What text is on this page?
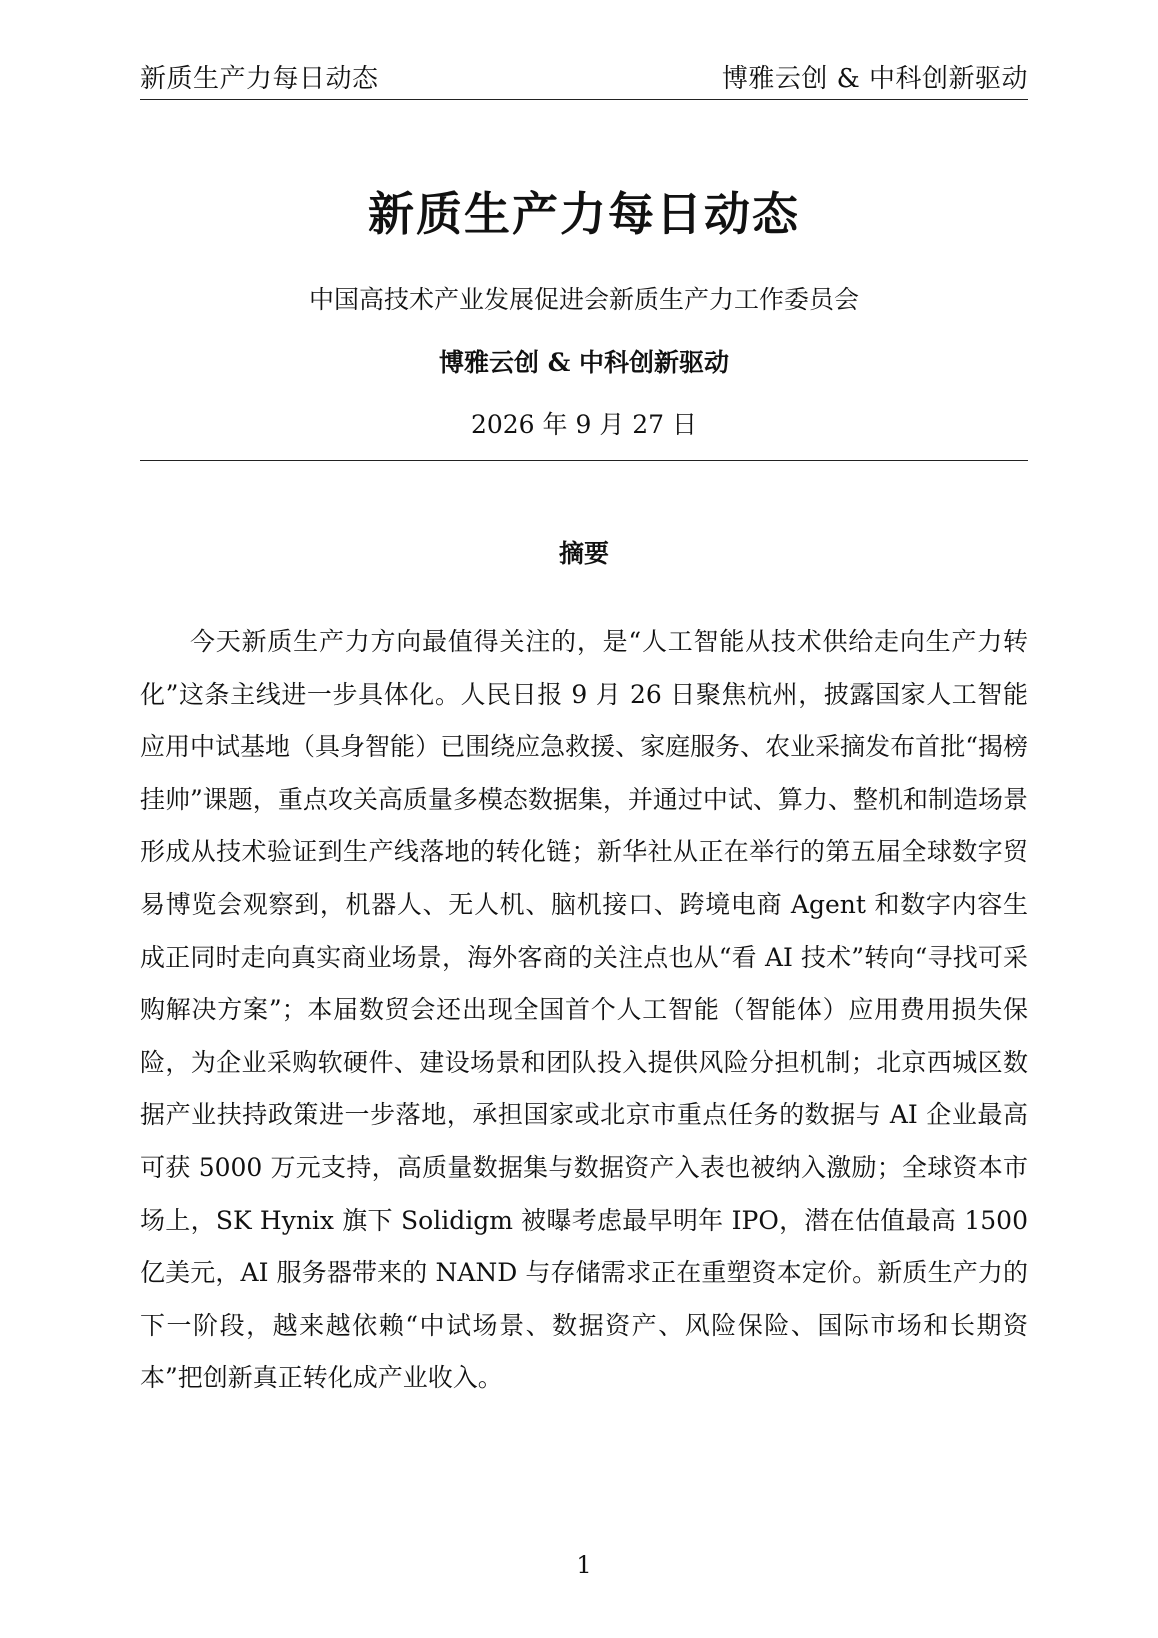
新质生产力每日动态	博雅云创 & 中科创新驱动
新质生产力每日动态
中国高技术产业发展促进会新质生产力工作委员会
博雅云创 & 中科创新驱动
2026 年 9 月 27 日
摘要

今天新质生产力方向最值得关注的，是“人工智能从技术供给走向生产力转化”这条主线进一步具体化。人民日报 9 月 26 日聚焦杭州，披露国家人工智能应用中试基地（具身智能）已围绕应急救援、家庭服务、农业采摘发布首批“揭榜挂帅”课题，重点攻关高质量多模态数据集，并通过中试、算力、整机和制造场景形成从技术验证到生产线落地的转化链；新华社从正在举行的第五届全球数字贸易博览会观察到，机器人、无人机、脑机接口、跨境电商 Agent 和数字内容生成正同时走向真实商业场景，海外客商的关注点也从“看 AI 技术”转向“寻找可采购解决方案”；本届数贸会还出现全国首个人工智能（智能体）应用费用损失保险，为企业采购软硬件、建设场景和团队投入提供风险分担机制；北京西城区数据产业扶持政策进一步落地，承担国家或北京市重点任务的数据与 AI 企业最高可获 5000 万元支持，高质量数据集与数据资产入表也被纳入激励；全球资本市场上，SK Hynix 旗下 Solidigm 被曝考虑最早明年 IPO，潜在估值最高 1500 亿美元，AI 服务器带来的 NAND 与存储需求正在重塑资本定价。新质生产力的下一阶段，越来越依赖“中试场景、数据资产、风险保险、国际市场和长期资本”把创新真正转化成产业收入。

1
